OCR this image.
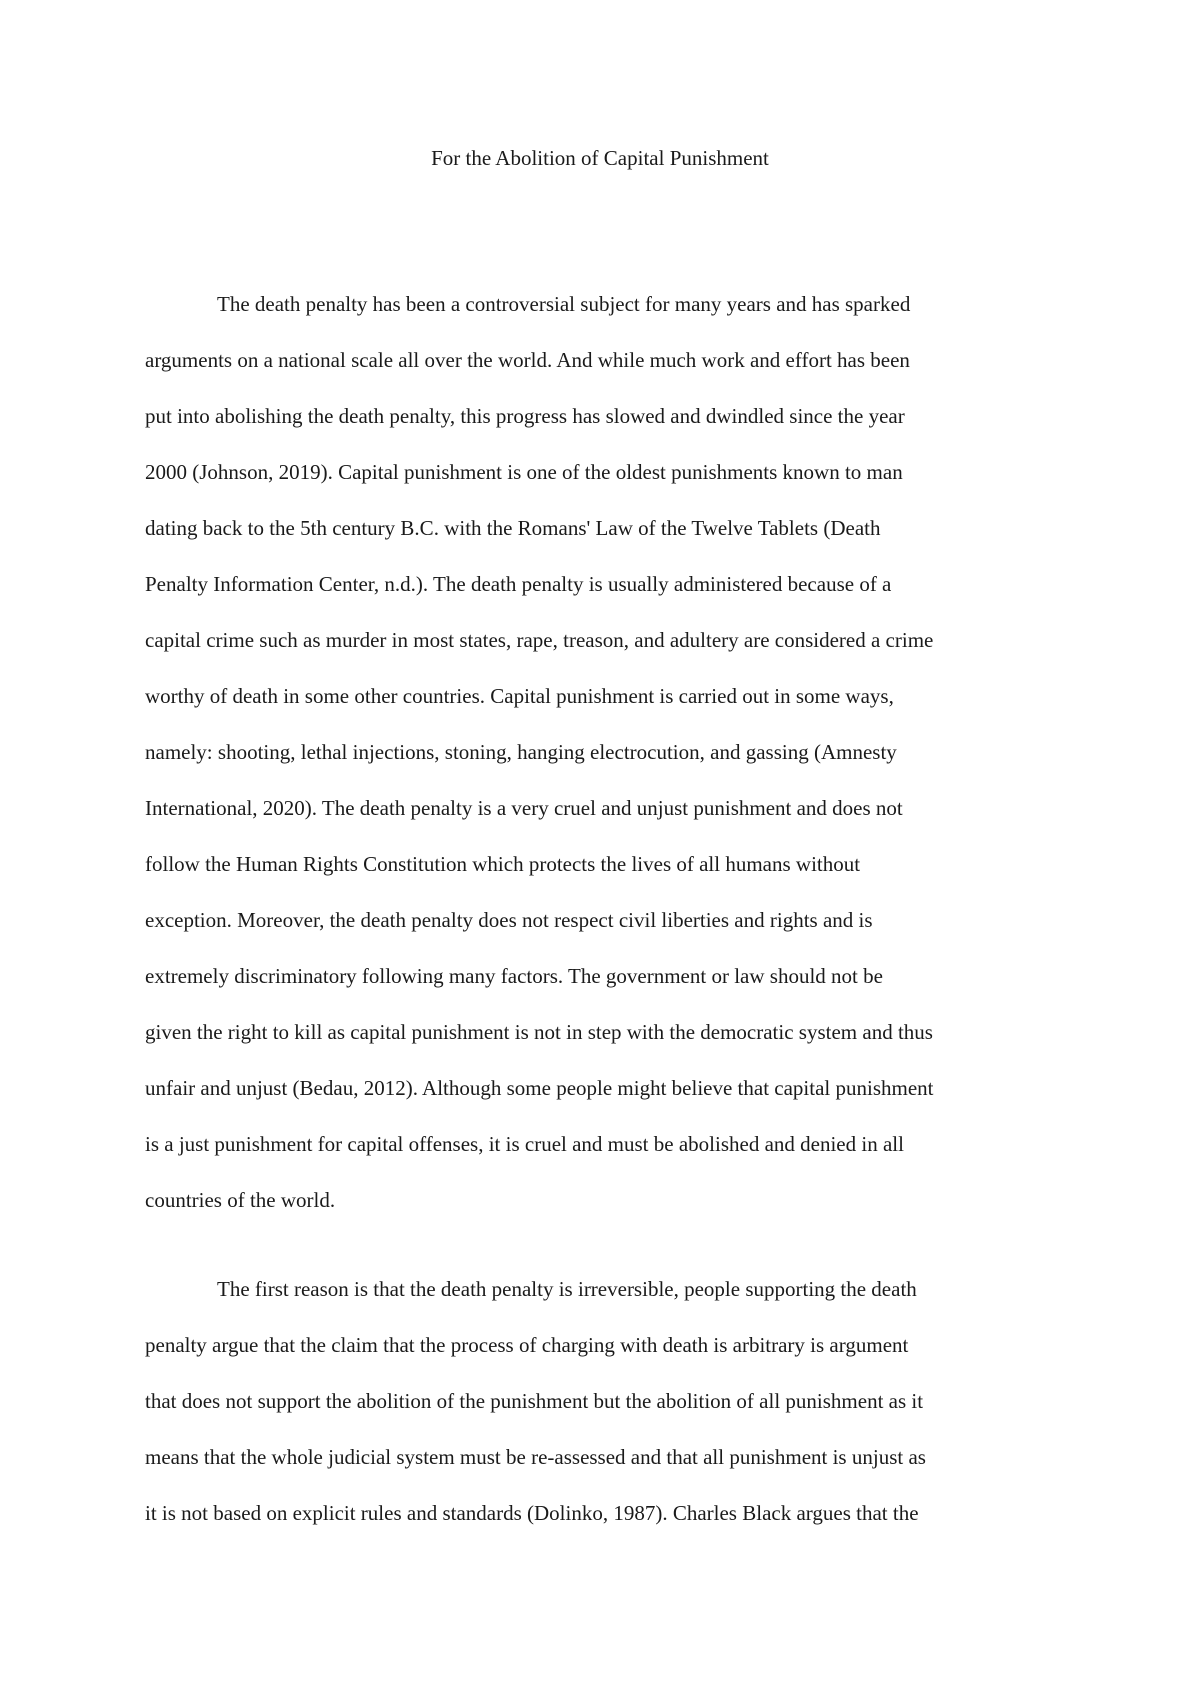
For the Abolition of Capital Punishment
The death penalty has been a controversial subject for many years and has sparked
arguments on a national scale all over the world. And while much work and effort has been
put into abolishing the death penalty, this progress has slowed and dwindled since the year
2000 (Johnson, 2019). Capital punishment is one of the oldest punishments known to man
dating back to the 5th century B.C. with the Romans' Law of the Twelve Tablets (Death
Penalty Information Center, n.d.). The death penalty is usually administered because of a
capital crime such as murder in most states, rape, treason, and adultery are considered a crime
worthy of death in some other countries. Capital punishment is carried out in some ways,
namely: shooting, lethal injections, stoning, hanging electrocution, and gassing (Amnesty
International, 2020). The death penalty is a very cruel and unjust punishment and does not
follow the Human Rights Constitution which protects the lives of all humans without
exception. Moreover, the death penalty does not respect civil liberties and rights and is
extremely discriminatory following many factors. The government or law should not be
given the right to kill as capital punishment is not in step with the democratic system and thus
unfair and unjust (Bedau, 2012). Although some people might believe that capital punishment
is a just punishment for capital offenses, it is cruel and must be abolished and denied in all
countries of the world.
The first reason is that the death penalty is irreversible, people supporting the death
penalty argue that the claim that the process of charging with death is arbitrary is argument
that does not support the abolition of the punishment but the abolition of all punishment as it
means that the whole judicial system must be re-assessed and that all punishment is unjust as
it is not based on explicit rules and standards (Dolinko, 1987). Charles Black argues that the
